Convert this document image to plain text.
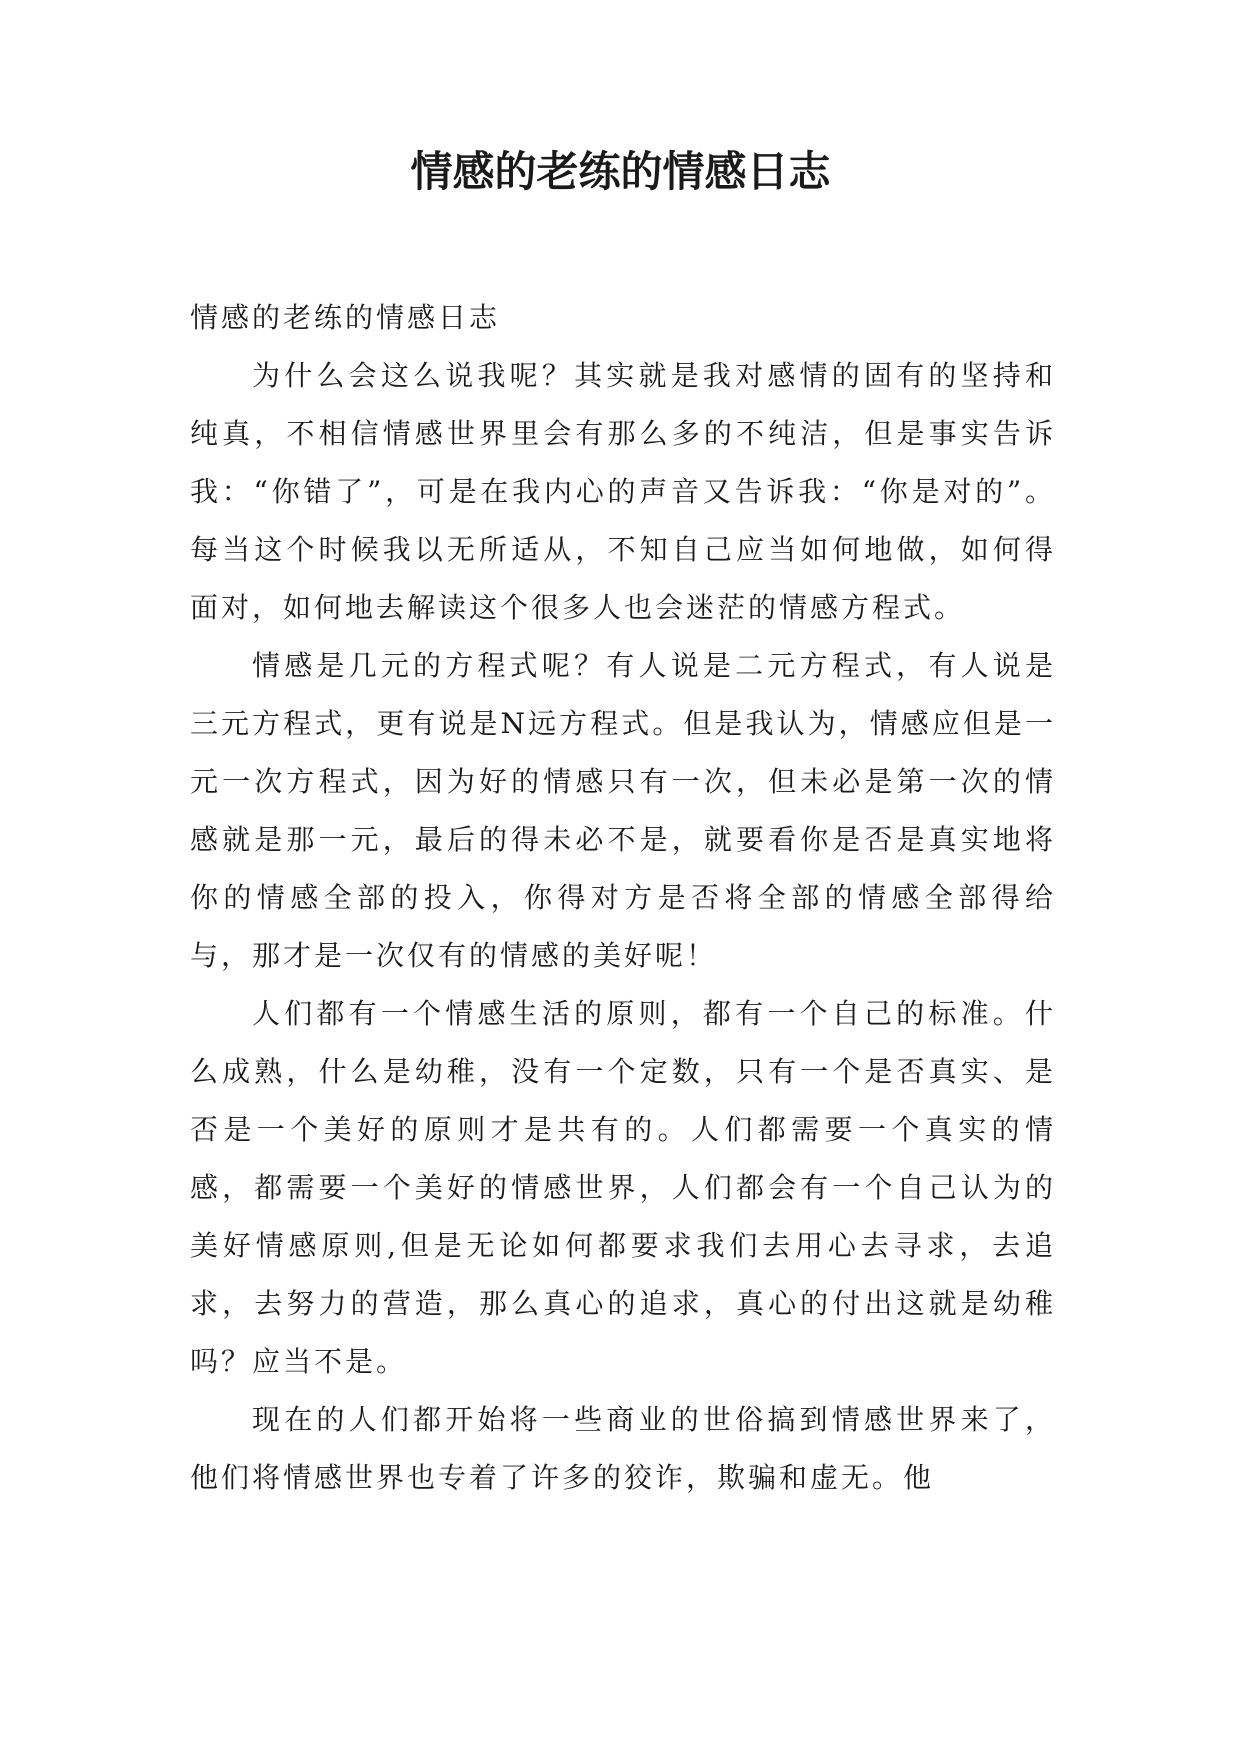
情感的老练的情感日志

情感的老练的情感日志

为什么会这么说我呢？其实就是我对感情的固有的坚持和纯真，不相信情感世界里会有那么多的不纯洁，但是事实告诉我：“你错了”，可是在我内心的声音又告诉我：“你是对的”。每当这个时候我以无所适从，不知自己应当如何地做，如何得面对，如何地去解读这个很多人也会迷茫的情感方程式。

情感是几元的方程式呢？有人说是二元方程式，有人说是三元方程式，更有说是N远方程式。但是我认为，情感应但是一元一次方程式，因为好的情感只有一次，但未必是第一次的情感就是那一元，最后的得未必不是，就要看你是否是真实地将你的情感全部的投入，你得对方是否将全部的情感全部得给与，那才是一次仅有的情感的美好呢！

人们都有一个情感生活的原则，都有一个自己的标准。什么成熟，什么是幼稚，没有一个定数，只有一个是否真实、是否是一个美好的原则才是共有的。人们都需要一个真实的情感，都需要一个美好的情感世界，人们都会有一个自己认为的美好情感原则,但是无论如何都要求我们去用心去寻求，去追求，去努力的营造，那么真心的追求，真心的付出这就是幼稚吗？应当不是。

现在的人们都开始将一些商业的世俗搞到情感世界来了，他们将情感世界也专着了许多的狡诈，欺骗和虚无。他
